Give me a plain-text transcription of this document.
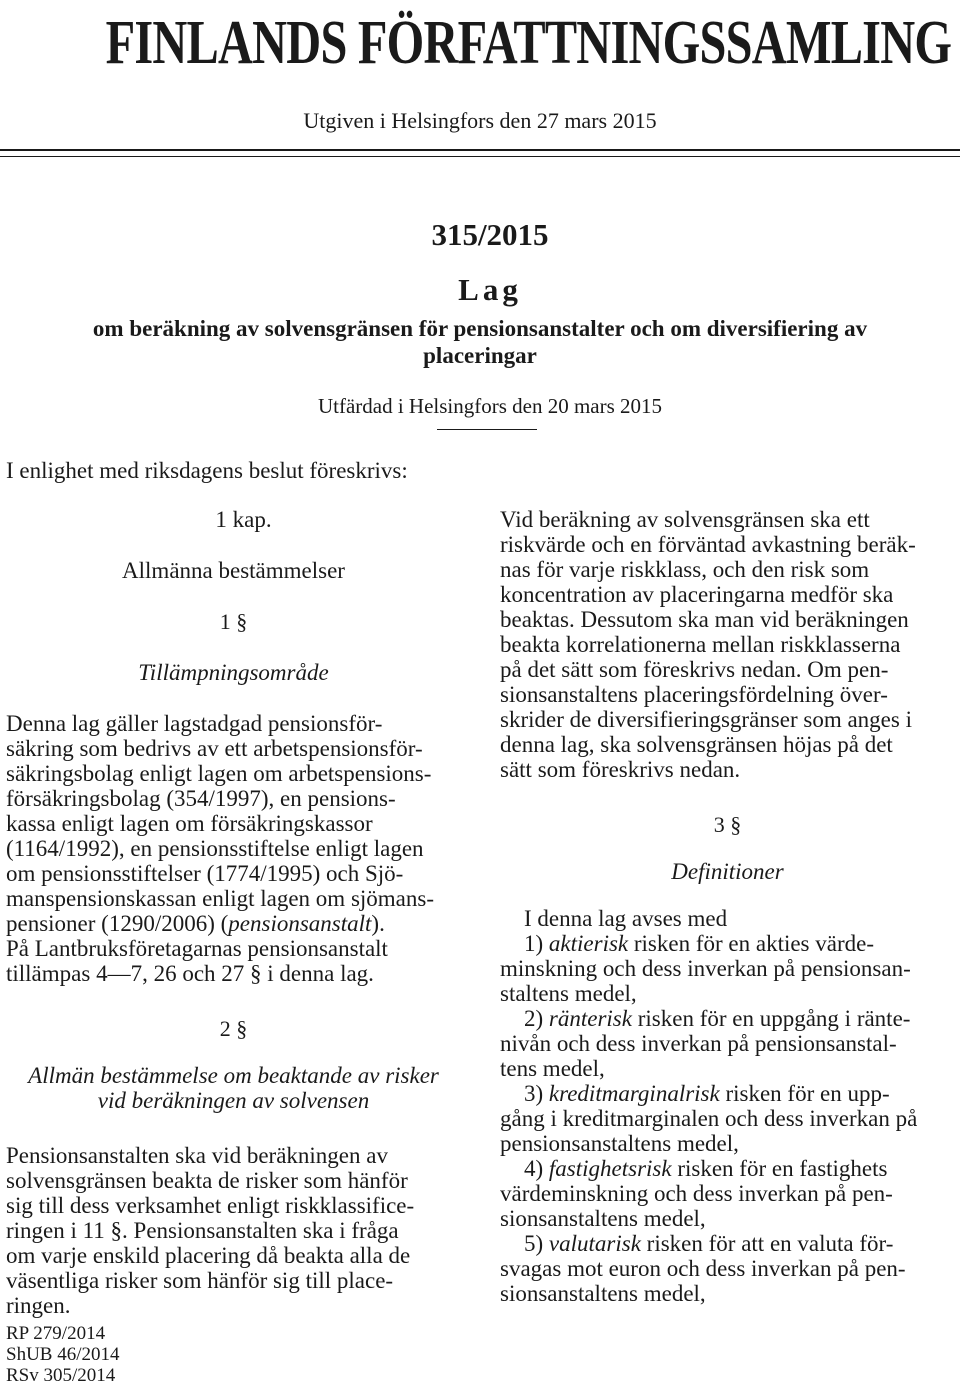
FINLANDS FÖRFATTNINGSSAMLING
Utgiven i Helsingfors den 27 mars 2015
315/2015
Lag
om beräkning av solvensgränsen för pensionsanstalter och om diversifiering av
placeringar
Utfärdad i Helsingfors den 20 mars 2015
I enlighet med riksdagens beslut föreskrivs:

1 kap.

Allmänna bestämmelser

1 §

Tillämpningsområde

Denna lag gäller lagstadgad pensionsför-

säkring som bedrivs av ett arbetspensionsför-

säkringsbolag enligt lagen om arbetspensions-

försäkringsbolag (354/1997), en pensions-

kassa enligt lagen om försäkringskassor

(1164/1992), en pensionsstiftelse enligt lagen

om pensionsstiftelser (1774/1995) och Sjö-

manspensionskassan enligt lagen om sjömans-

pensioner (1290/2006) (pensionsanstalt).

På Lantbruksföretagarnas pensionsanstalt

tillämpas 4—7, 26 och 27 § i denna lag.

2 §

Allmän bestämmelse om beaktande av risker

vid beräkningen av solvensen

Pensionsanstalten ska vid beräkningen av

solvensgränsen beakta de risker som hänför

sig till dess verksamhet enligt riskklassifice-

ringen i 11 §. Pensionsanstalten ska i fråga

om varje enskild placering då beakta alla de

väsentliga risker som hänför sig till place-

ringen.

Vid beräkning av solvensgränsen ska ett

riskvärde och en förväntad avkastning beräk-

nas för varje riskklass, och den risk som

koncentration av placeringarna medför ska

beaktas. Dessutom ska man vid beräkningen

beakta korrelationerna mellan riskklasserna

på det sätt som föreskrivs nedan. Om pen-

sionsanstaltens placeringsfördelning över-

skrider de diversifieringsgränser som anges i

denna lag, ska solvensgränsen höjas på det

sätt som föreskrivs nedan.

3 §

Definitioner

I denna lag avses med

1) aktierisk risken för en akties värde-

minskning och dess inverkan på pensionsan-

staltens medel,

2) ränterisk risken för en uppgång i ränte-

nivån och dess inverkan på pensionsanstal-

tens medel,

3) kreditmarginalrisk risken för en upp-

gång i kreditmarginalen och dess inverkan på

pensionsanstaltens medel,

4) fastighetsrisk risken för en fastighets

värdeminskning och dess inverkan på pen-

sionsanstaltens medel,

5) valutarisk risken för att en valuta för-

svagas mot euron och dess inverkan på pen-

sionsanstaltens medel,

RP 279/2014
ShUB 46/2014
RSv 305/2014
